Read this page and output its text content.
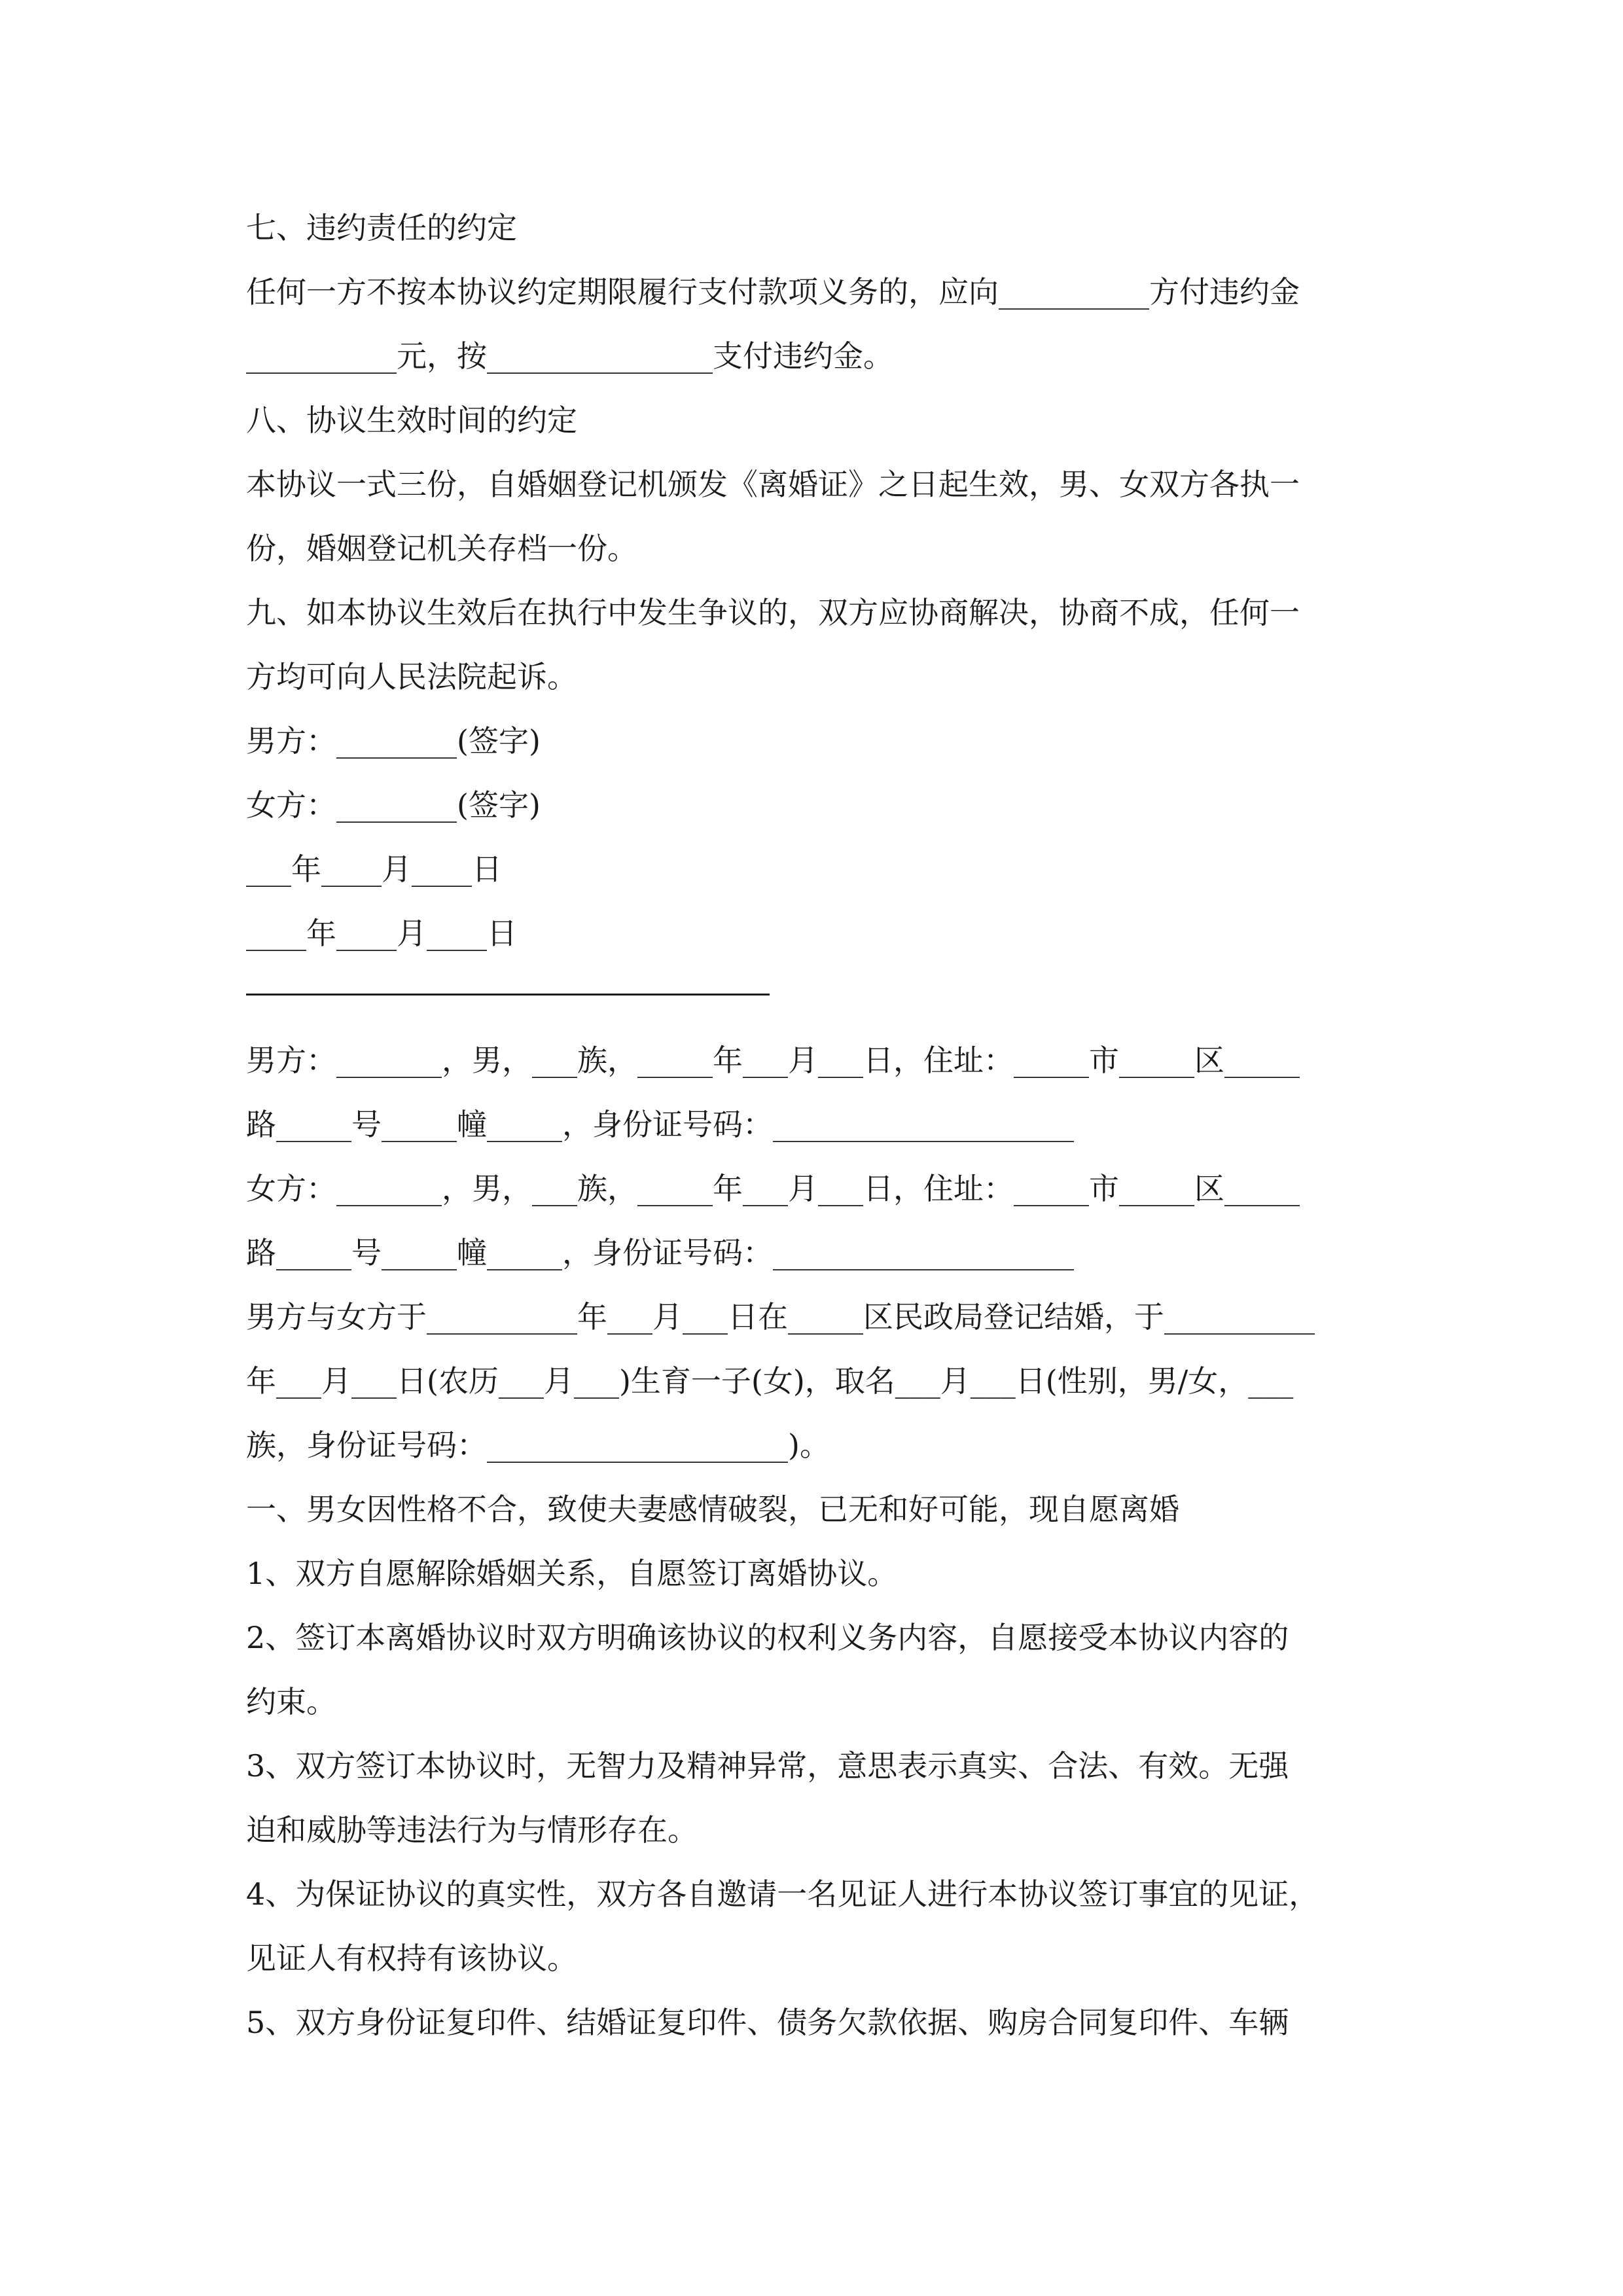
七、违约责任的约定
任何一方不按本协议约定期限履行支付款项义务的，应向__________方付违约金
__________元，按_______________支付违约金。
八、协议生效时间的约定
本协议一式三份，自婚姻登记机颁发《离婚证》之日起生效，男、女双方各执一
份，婚姻登记机关存档一份。
九、如本协议生效后在执行中发生争议的，双方应协商解决，协商不成，任何一
方均可向人民法院起诉。
男方：________(签字)
女方：________(签字)
___年____月____日
____年____月____日
男方：_______，男，___族，_____年___月___日，住址：_____市_____区_____
路_____号_____幢_____，身份证号码：____________________
女方：_______，男，___族，_____年___月___日，住址：_____市_____区_____
路_____号_____幢_____，身份证号码：____________________
男方与女方于__________年___月___日在_____区民政局登记结婚，于__________
年___月___日(农历___月___)生育一子(女)，取名___月___日(性别，男/女，___
族，身份证号码：____________________)。
一、男女因性格不合，致使夫妻感情破裂，已无和好可能，现自愿离婚
1、双方自愿解除婚姻关系，自愿签订离婚协议。
2、签订本离婚协议时双方明确该协议的权利义务内容，自愿接受本协议内容的
约束。
3、双方签订本协议时，无智力及精神异常，意思表示真实、合法、有效。无强
迫和威胁等违法行为与情形存在。
4、为保证协议的真实性，双方各自邀请一名见证人进行本协议签订事宜的见证，
见证人有权持有该协议。
5、双方身份证复印件、结婚证复印件、债务欠款依据、购房合同复印件、车辆
